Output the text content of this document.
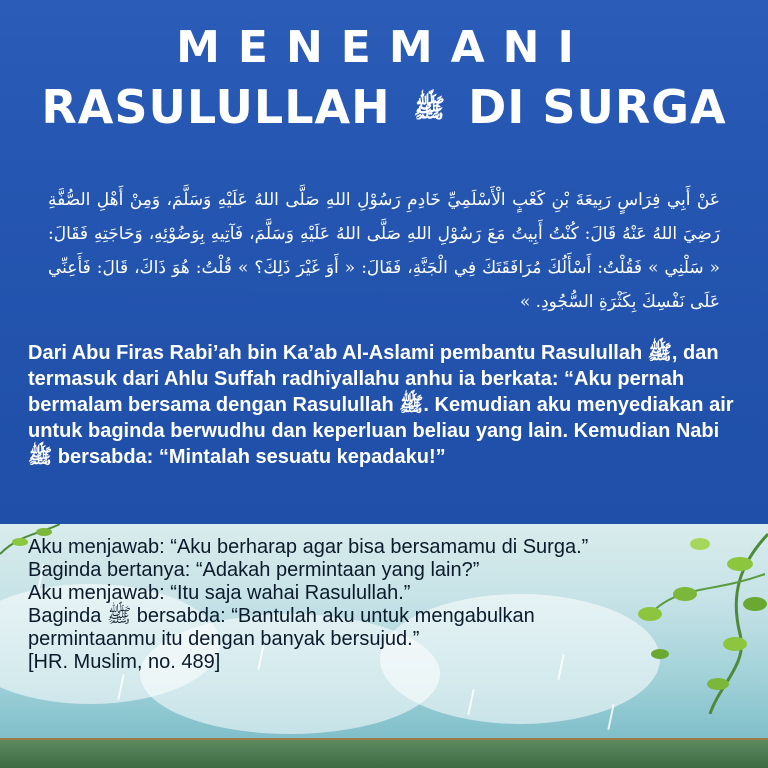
MENEMANI
RASULULLAH ﷺ DI SURGA
عَنْ أَبِي فِرَاسٍ رَبِيعَةَ بْنِ كَعْبٍ الْأَسْلَمِيِّ خَادِمِ رَسُوْلِ اللهِ صَلَّى اللهُ عَلَيْهِ وَسَلَّمَ، وَمِنْ أَهْلِ الصُّفَّةِ رَضِيَ اللهُ عَنْهُ قَالَ: كُنْتُ أَبِيتُ مَعَ رَسُوْلِ اللهِ صَلَّى اللهُ عَلَيْهِ وَسَلَّمَ، فَآتِيهِ بِوَضُوْئِهِ، وَحَاجَتِهِ فَقَالَ: « سَلْنِي » فَقُلْتُ: أَسْأَلُكَ مُرَافَقَتَكَ فِي الْجَنَّةِ، فَقَالَ: « أَوَ غَيْرَ ذَلِكَ؟ » قُلْتُ: هُوَ ذَاكَ، قَالَ: فَأَعِنِّي عَلَى نَفْسِكَ بِكَثْرَةِ السُّجُودِ. »
Dari Abu Firas Rabi’ah bin Ka’ab Al-Aslami pembantu Rasulullah ﷺ, dan termasuk dari Ahlu Suffah radhiyallahu anhu ia berkata: “Aku pernah bermalam bersama dengan Rasulullah ﷺ. Kemudian aku menyediakan air untuk baginda berwudhu dan keperluan beliau yang lain. Kemudian Nabi ﷺ bersabda: “Mintalah sesuatu kepadaku!”
Aku menjawab: “Aku berharap agar bisa bersamamu di Surga.”
Baginda bertanya: “Adakah permintaan yang lain?”
Aku menjawab: “Itu saja wahai Rasulullah.”
Baginda ﷺ bersabda: “Bantulah aku untuk mengabulkan
permintaanmu itu dengan banyak bersujud.”
[HR. Muslim, no. 489]
